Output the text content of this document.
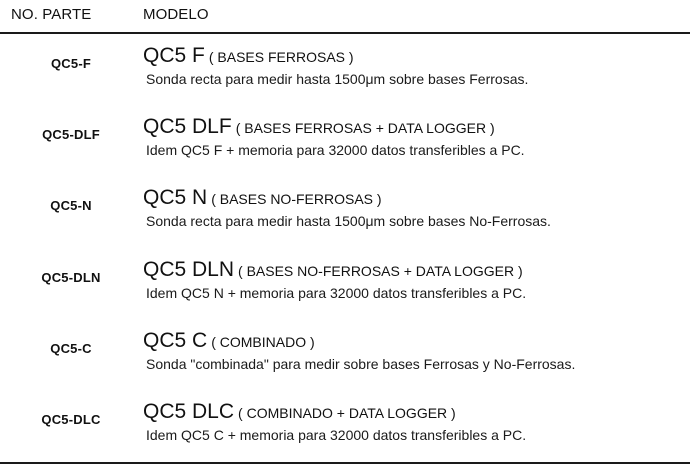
NO. PARTE	MODELO
QC5-F	QC5 F ( BASES FERROSAS )
Sonda recta para medir hasta 1500μm sobre bases Ferrosas.
QC5-DLF	QC5 DLF ( BASES FERROSAS + DATA LOGGER )
Idem QC5 F + memoria para 32000 datos transferibles a PC.
QC5-N	QC5 N ( BASES NO-FERROSAS )
Sonda recta para medir hasta 1500μm sobre bases No-Ferrosas.
QC5-DLN	QC5 DLN ( BASES NO-FERROSAS + DATA LOGGER )
Idem QC5 N + memoria para 32000 datos transferibles a PC.
QC5-C	QC5 C ( COMBINADO )
Sonda "combinada" para medir sobre bases Ferrosas y No-Ferrosas.
QC5-DLC	QC5 DLC ( COMBINADO + DATA LOGGER )
Idem QC5 C + memoria para 32000 datos transferibles a PC.
